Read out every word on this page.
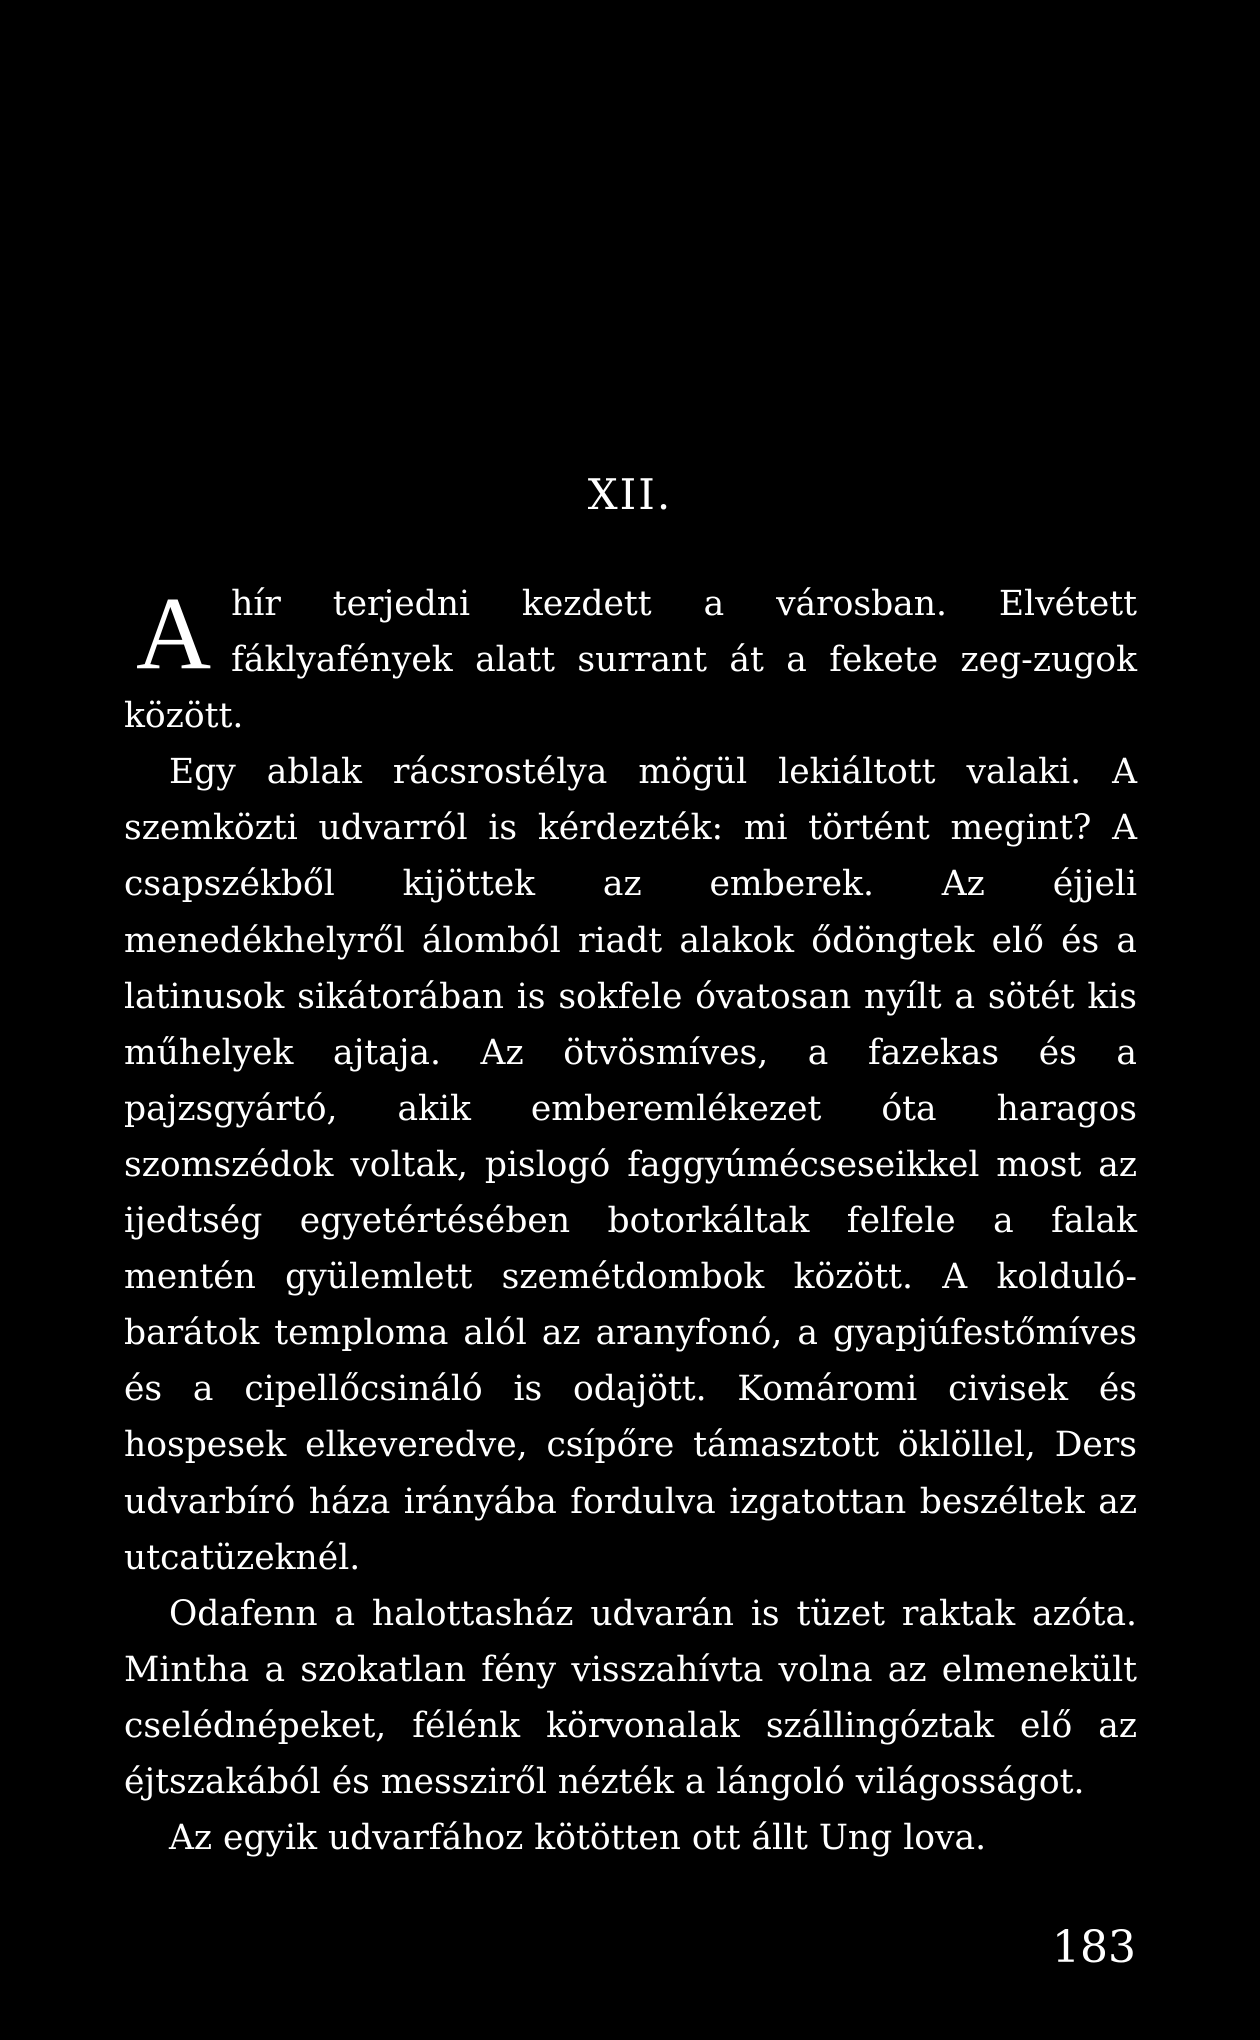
XII.

A hír terjedni kezdett a városban. Elvétett fáklyafények alatt surrant át a fekete zeg-zugok között.

Egy ablak rácsrostélya mögül lekiáltott valaki. A szemközti udvarról is kérdezték: mi történt megint? A csapszékből kijöttek az emberek. Az éjjeli menedékhelyről álomból riadt alakok ődöngtek elő és a latinusok sikátorában is sokfele óvatosan nyílt a sötét kis műhelyek ajtaja. Az ötvösmíves, a fazekas és a pajzsgyártó, akik emberemlékezet óta haragos szomszédok voltak, pislogó faggyúmécseseikkel most az ijedtség egyetértésében botorkáltak felfele a falak mentén gyülemlett szemétdombok között. A kolduló-barátok temploma alól az aranyfonó, a gyapjúfestőmíves és a cipellőcsináló is odajött. Komáromi civisek és hospesek elkeveredve, csípőre támasztott öklöllel, Ders udvarbíró háza irányába fordulva izgatottan beszéltek az utcatüzeknél.

Odafenn a halottasház udvarán is tüzet raktak azóta. Mintha a szokatlan fény visszahívta volna az elmenekült cselédnépeket, félénk körvonalak szállingóztak elő az éjtszakából és messziről nézték a lángoló világosságot.

Az egyik udvarfához kötötten ott állt Ung lova.

183
